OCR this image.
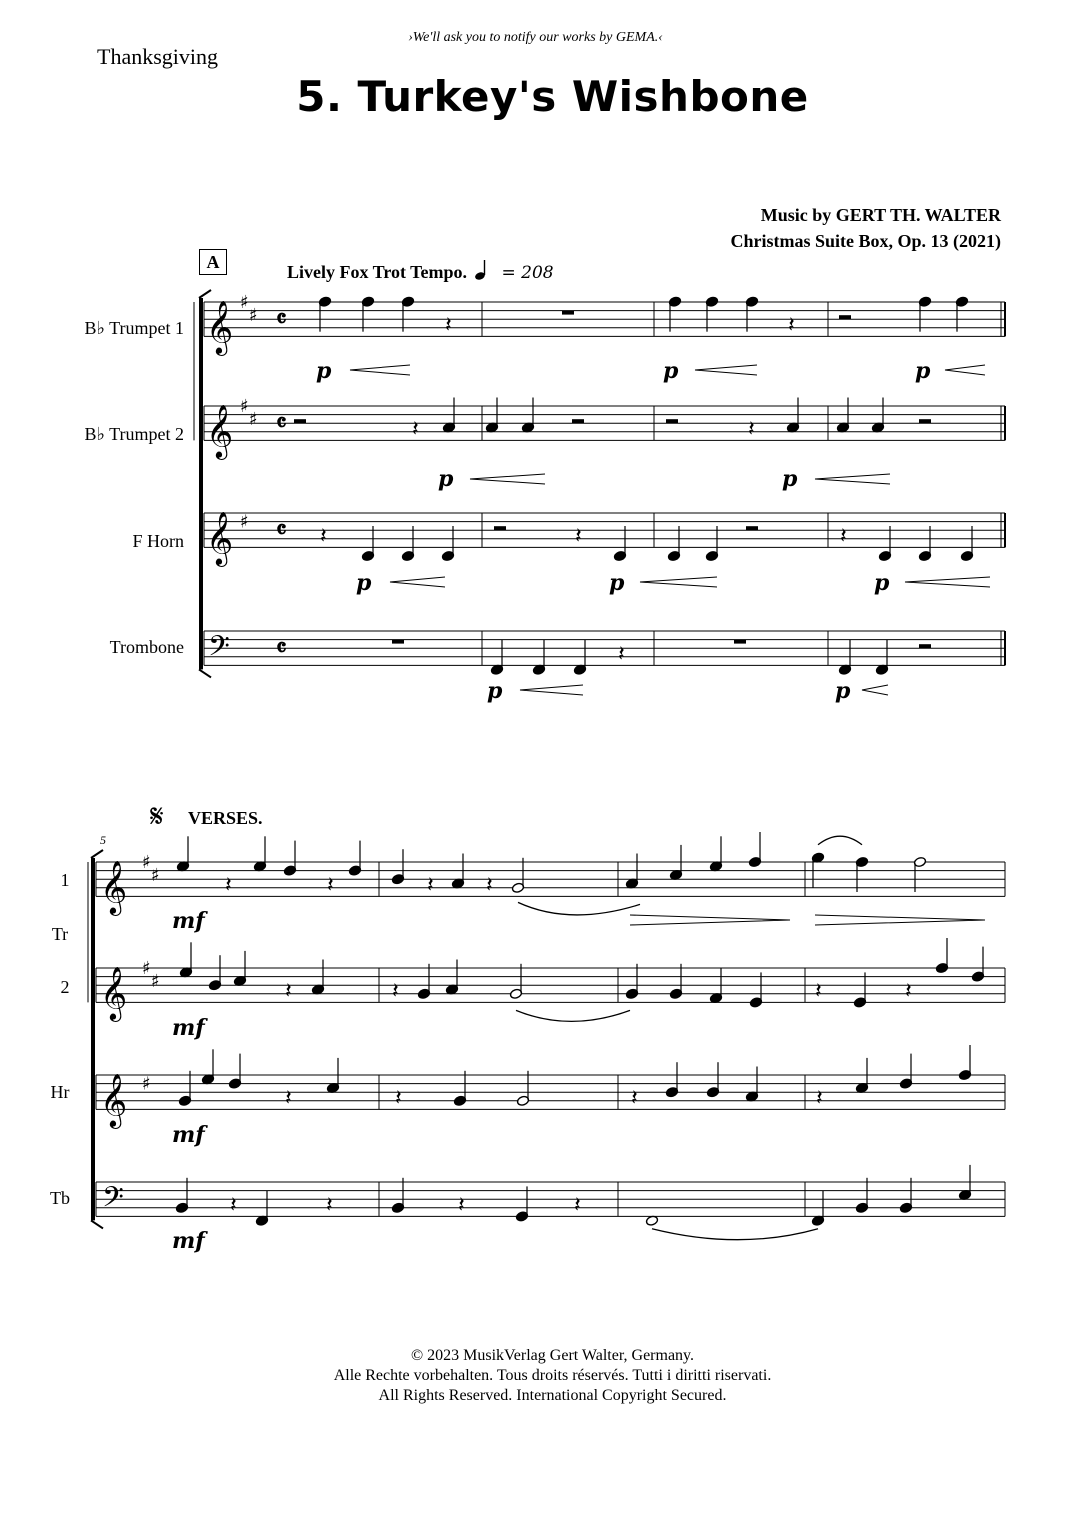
›We'll ask you to notify our works by GEMA.‹
Thanksgiving
5. Turkey's Wishbone
Music by GERT TH. WALTER
Christmas Suite Box, Op. 13 (2021)
A	Lively Fox Trot Tempo. = 208
B♭ Trumpet 1
B♭ Trumpet 2
F Horn
Trombone
𝄋 VERSES.
5
1
Tr
2
Hr
Tb
𝄞 ♯
♯ 𝄴
𝄞 ♯
♯ 𝄴
𝄞 ♯ 𝄴
𝄢 𝄴
𝄽	𝄽
p	p	p
𝄽	𝄽
p	p
𝄽	𝄽	𝄽
p	p	p
𝄽
p	p
𝄞 ♯
♯
𝄞 ♯
♯
𝄞 ♯
𝄢
𝄽	𝄽	𝄽 𝄽
mf
𝄽	𝄽	𝄽	𝄽
mf
𝄽	𝄽	𝄽	𝄽
mf
𝄽	𝄽	𝄽	𝄽
mf
© 2023 MusikVerlag Gert Walter, Germany.
Alle Rechte vorbehalten. Tous droits réservés. Tutti i diritti riservati.
All Rights Reserved. International Copyright Secured.
